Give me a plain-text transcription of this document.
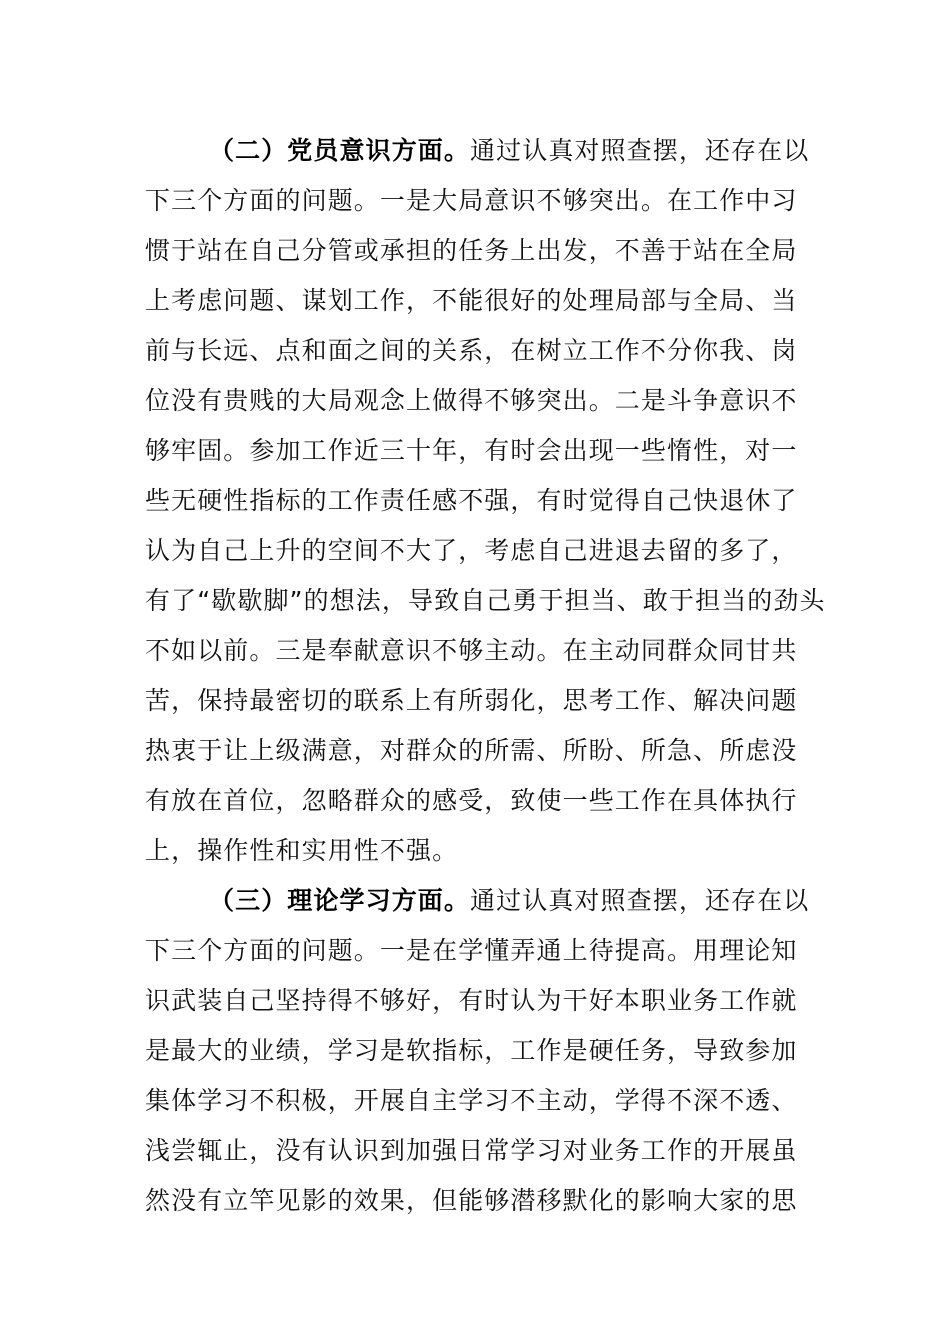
（二）党员意识方面。通过认真对照查摆，还存在以
下三个方面的问题。一是大局意识不够突出。在工作中习
惯于站在自己分管或承担的任务上出发，不善于站在全局
上考虑问题、谋划工作，不能很好的处理局部与全局、当
前与长远、点和面之间的关系，在树立工作不分你我、岗
位没有贵贱的大局观念上做得不够突出。二是斗争意识不
够牢固。参加工作近三十年，有时会出现一些惰性，对一
些无硬性指标的工作责任感不强，有时觉得自己快退休了
认为自己上升的空间不大了，考虑自己进退去留的多了，
有了“歇歇脚”的想法，导致自己勇于担当、敢于担当的劲头
不如以前。三是奉献意识不够主动。在主动同群众同甘共
苦，保持最密切的联系上有所弱化，思考工作、解决问题
热衷于让上级满意，对群众的所需、所盼、所急、所虑没
有放在首位，忽略群众的感受，致使一些工作在具体执行
上，操作性和实用性不强。
（三）理论学习方面。通过认真对照查摆，还存在以
下三个方面的问题。一是在学懂弄通上待提高。用理论知
识武装自己坚持得不够好，有时认为干好本职业务工作就
是最大的业绩，学习是软指标，工作是硬任务，导致参加
集体学习不积极，开展自主学习不主动，学得不深不透、
浅尝辄止，没有认识到加强日常学习对业务工作的开展虽
然没有立竿见影的效果，但能够潜移默化的影响大家的思
